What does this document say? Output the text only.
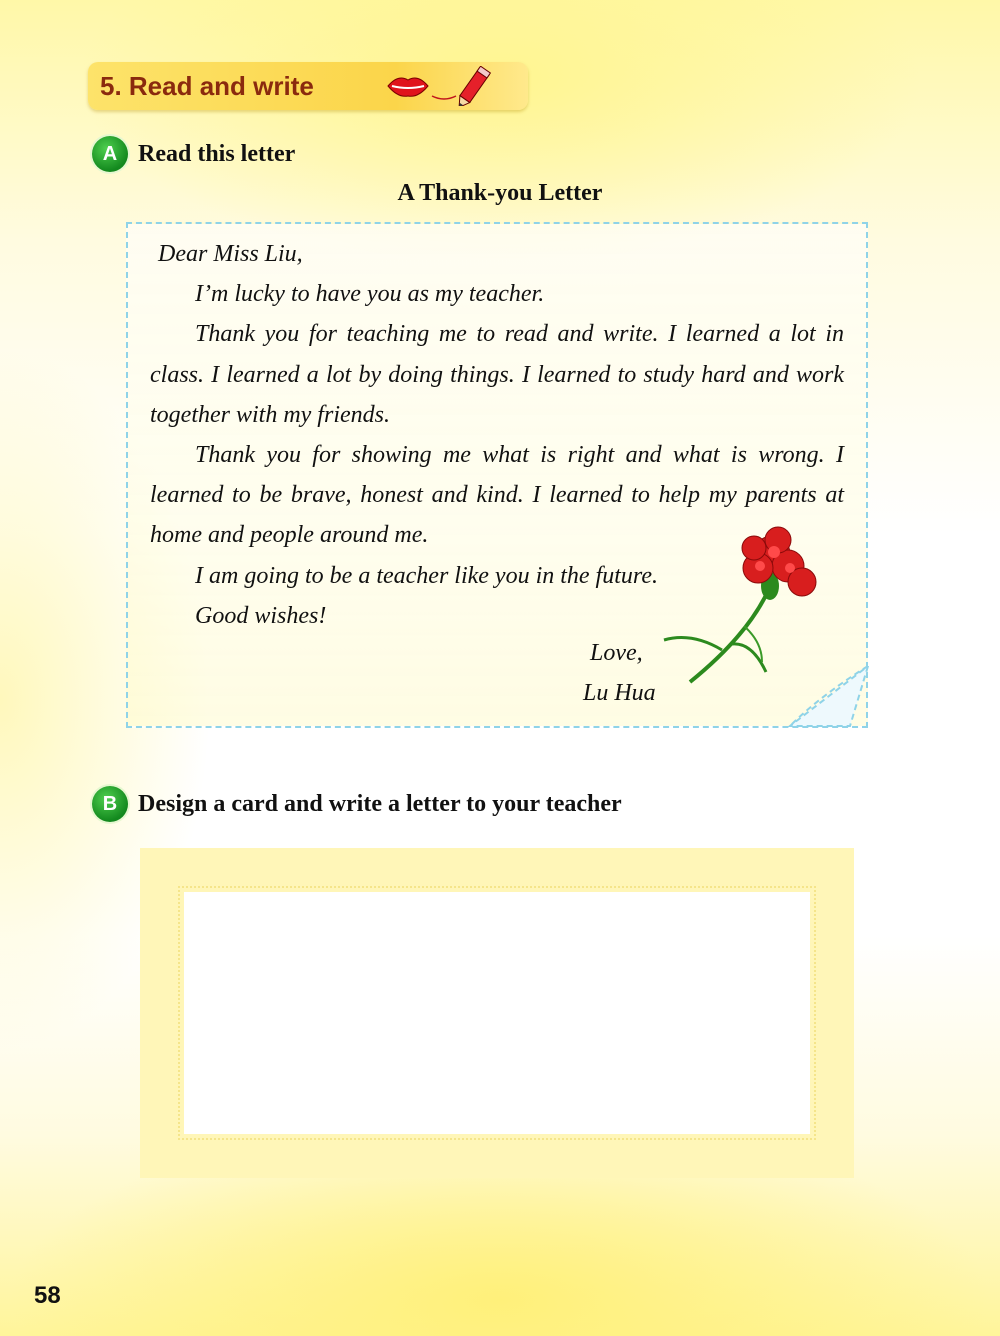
5. Read and write
A Read this letter
A Thank-you Letter

Dear Miss Liu,

I’m lucky to have you as my teacher.

Thank you for teaching me to read and write. I learned a lot in class. I learned a lot by doing things. I learned to study hard and work together with my friends.

Thank you for showing me what is right and what is wrong. I learned to be brave, honest and kind. I learned to help my parents at home and people around me.

I am going to be a teacher like you in the future.

Good wishes!

Love,
Lu Hua
B Design a card and write a letter to your teacher
58
